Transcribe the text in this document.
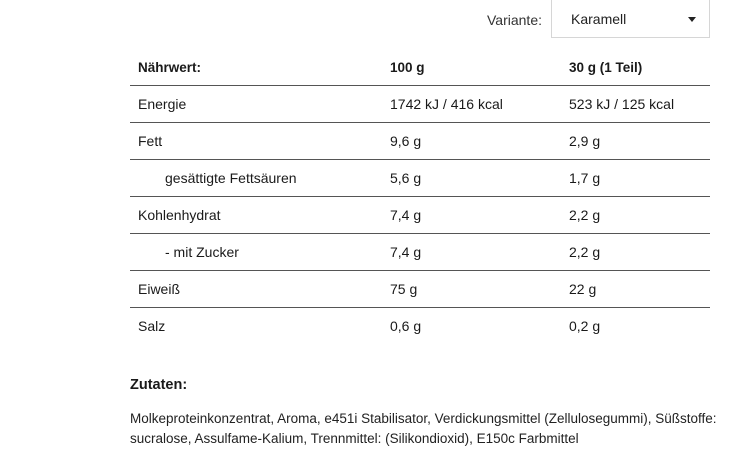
Variante: Karamell
Nährwert:	100 g	30 g (1 Teil)
Energie	1742 kJ / 416 kcal	523 kJ / 125 kcal
Fett	9,6 g	2,9 g
gesättigte Fettsäuren	5,6 g	1,7 g
Kohlenhydrat	7,4 g	2,2 g
- mit Zucker	7,4 g	2,2 g
Eiweiß	75 g	22 g
Salz	0,6 g	0,2 g
Zutaten:
Molkeproteinkonzentrat, Aroma, e451i Stabilisator, Verdickungsmittel (Zellulosegummi), Süßstoffe: sucralose, Assulfame-Kalium, Trennmittel: (Silikondioxid), E150c Farbmittel
